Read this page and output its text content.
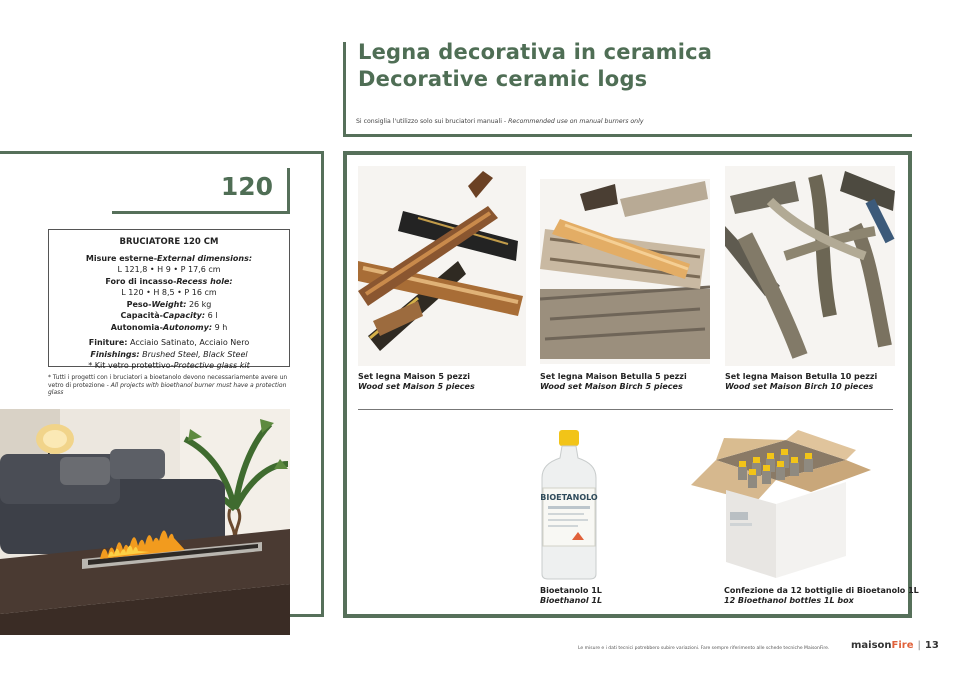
Legna decorativa in ceramica
Decorative ceramic logs
Si consiglia l'utilizzo solo sui bruciatori manuali - Recommended use on manual burners only
120
BRUCIATORE 120 CM
Misure esterne-External dimensions:
L 121,8 • H 9 • P 17,6 cm
Foro di incasso-Recess hole:
L 120 • H 8,5 • P 16 cm
Peso-Weight: 26 kg
Capacità-Capacity: 6 l
Autonomia-Autonomy: 9 h
Finiture: Acciaio Satinato, Acciaio Nero
Finishings: Brushed Steel, Black Steel
* Kit vetro protettivo-Protective glass kit
* Tutti i progetti con i bruciatori a bioetanolo devono necessariamente avere un vetro di protezione - All projects with bioethanol burner must have a protection glass
Set legna Maison 5 pezzi
Wood set Maison 5 pieces
Set legna Maison Betulla 5 pezzi
Wood set Maison Birch 5 pieces
Set legna Maison Betulla 10 pezzi
Wood set Maison Birch 10 pieces
BIOETANOLO
Bioetanolo 1L
Bioethanol 1L
Confezione da 12 bottiglie di Bioetanolo 1L
12 Bioethanol bottles 1L box
Le misure e i dati tecnici potrebbero subire variazioni. Fare sempre riferimento alle schede tecniche MaisonFire. maisonFire | 13
